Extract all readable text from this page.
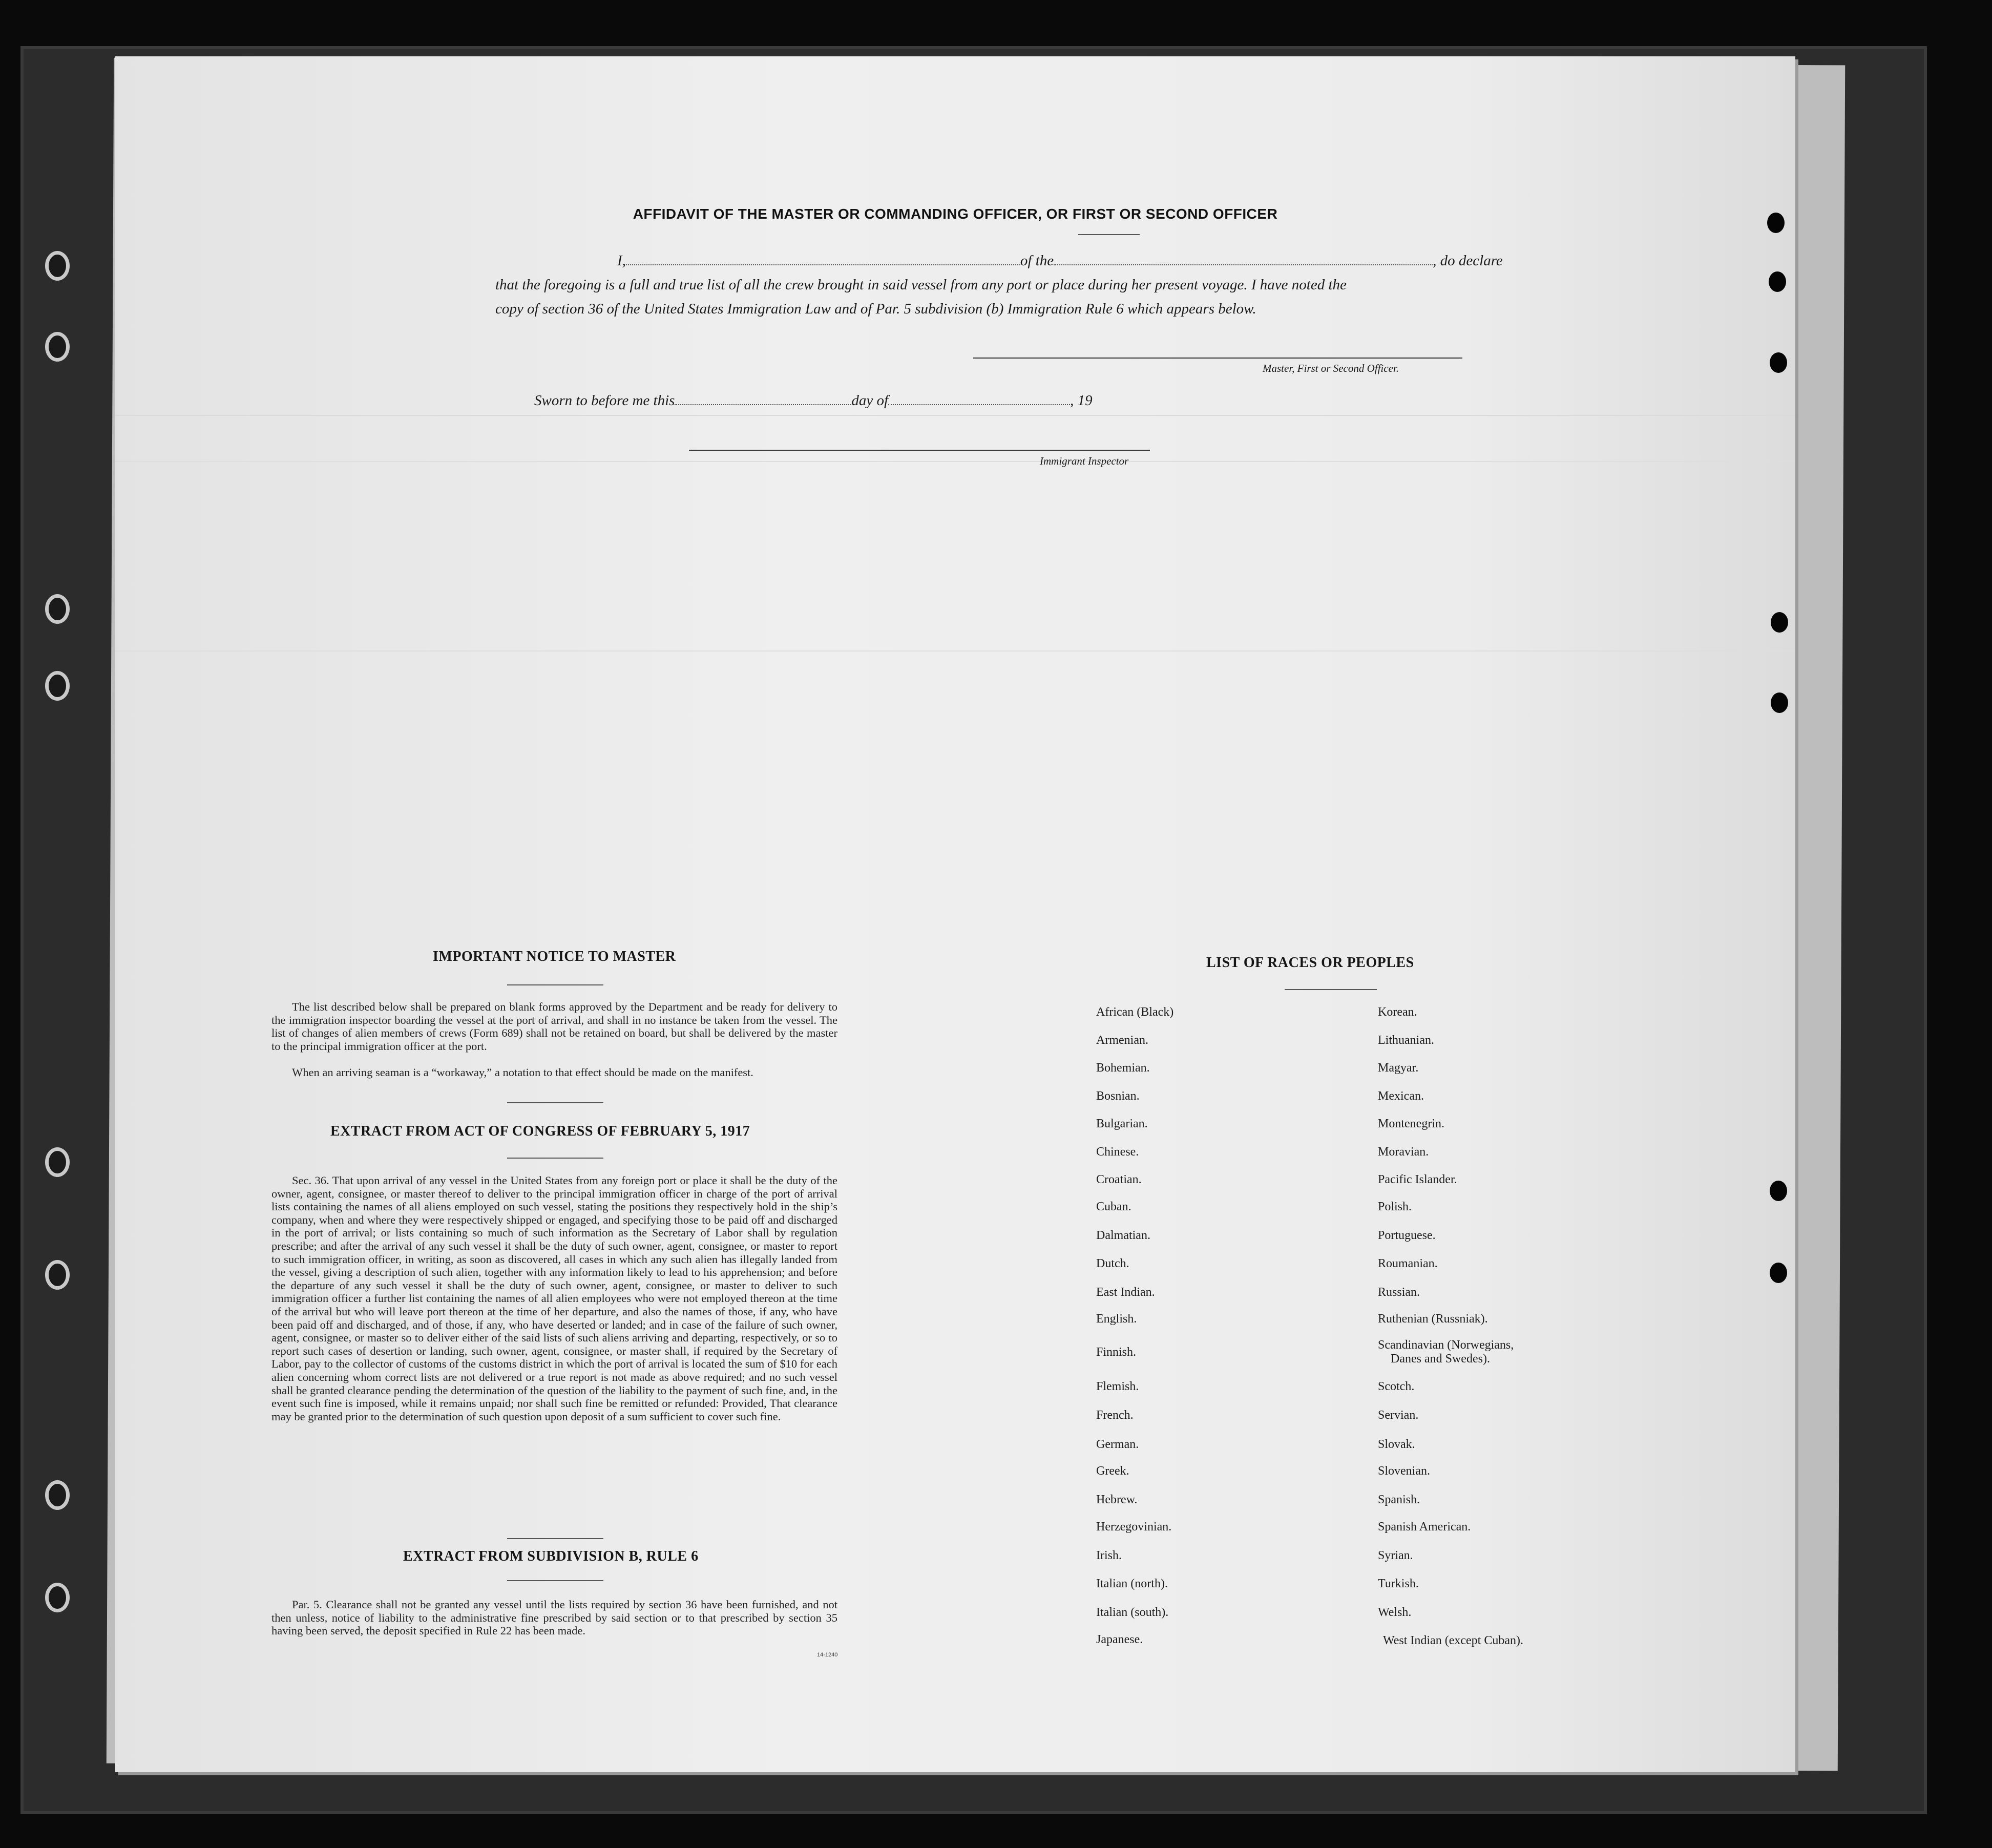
AFFIDAVIT OF THE MASTER OR COMMANDING OFFICER, OR FIRST OR SECOND OFFICER
I,	of the	, do declare
that the foregoing is a full and true list of all the crew brought in said vessel from any port or place during her present voyage. I have noted the
copy of section 36 of the United States Immigration Law and of Par. 5 subdivision (b) Immigration Rule 6 which appears below.
Master, First or Second Officer.
Sworn to before me this	day of	, 19
Immigrant Inspector
IMPORTANT NOTICE TO MASTER
The list described below shall be prepared on blank forms approved by the Department and be ready for delivery to the immigration inspector boarding the vessel at the port of arrival, and shall in no instance be taken from the vessel. The list of changes of alien members of crews (Form 689) shall not be retained on board, but shall be delivered by the master to the principal immigration officer at the port.
When an arriving seaman is a “workaway,” a notation to that effect should be made on the manifest.
EXTRACT FROM ACT OF CONGRESS OF FEBRUARY 5, 1917
Sec. 36. That upon arrival of any vessel in the United States from any foreign port or place it shall be the duty of the owner, agent, consignee, or master thereof to deliver to the principal immigration officer in charge of the port of arrival lists containing the names of all aliens employed on such vessel, stating the positions they respectively hold in the ship’s company, when and where they were respectively shipped or engaged, and specifying those to be paid off and discharged in the port of arrival; or lists containing so much of such information as the Secretary of Labor shall by regulation prescribe; and after the arrival of any such vessel it shall be the duty of such owner, agent, consignee, or master to report to such immigration officer, in writing, as soon as discovered, all cases in which any such alien has illegally landed from the vessel, giving a description of such alien, together with any information likely to lead to his apprehension; and before the departure of any such vessel it shall be the duty of such owner, agent, consignee, or master to deliver to such immigration officer a further list containing the names of all alien employees who were not employed thereon at the time of the arrival but who will leave port thereon at the time of her departure, and also the names of those, if any, who have been paid off and discharged, and of those, if any, who have deserted or landed; and in case of the failure of such owner, agent, consignee, or master so to deliver either of the said lists of such aliens arriving and departing, respectively, or so to report such cases of desertion or landing, such owner, agent, consignee, or master shall, if required by the Secretary of Labor, pay to the collector of customs of the customs district in which the port of arrival is located the sum of $10 for each alien concerning whom correct lists are not delivered or a true report is not made as above required; and no such vessel shall be granted clearance pending the determination of the question of the liability to the payment of such fine, and, in the event such fine is imposed, while it remains unpaid; nor shall such fine be remitted or refunded: Provided, That clearance may be granted prior to the determination of such question upon deposit of a sum sufficient to cover such fine.
EXTRACT FROM SUBDIVISION B, RULE 6
Par. 5. Clearance shall not be granted any vessel until the lists required by section 36 have been furnished, and not then unless, notice of liability to the administrative fine prescribed by said section or to that prescribed by section 35 having been served, the deposit specified in Rule 22 has been made.
14-1240
LIST OF RACES OR PEOPLES
African (Black)
Armenian.
Bohemian.
Bosnian.
Bulgarian.
Chinese.
Croatian.
Cuban.
Dalmatian.
Dutch.
East Indian.
English.
Finnish.
Flemish.
French.
German.
Greek.
Hebrew.
Herzegovinian.
Irish.
Italian (north).
Italian (south).
Japanese.
Korean.
Lithuanian.
Magyar.
Mexican.
Montenegrin.
Moravian.
Pacific Islander.
Polish.
Portuguese.
Roumanian.
Russian.
Ruthenian (Russniak).
Scandinavian (Norwegians,
Danes and Swedes).
Scotch.
Servian.
Slovak.
Slovenian.
Spanish.
Spanish American.
Syrian.
Turkish.
Welsh.
West Indian (except Cuban).
